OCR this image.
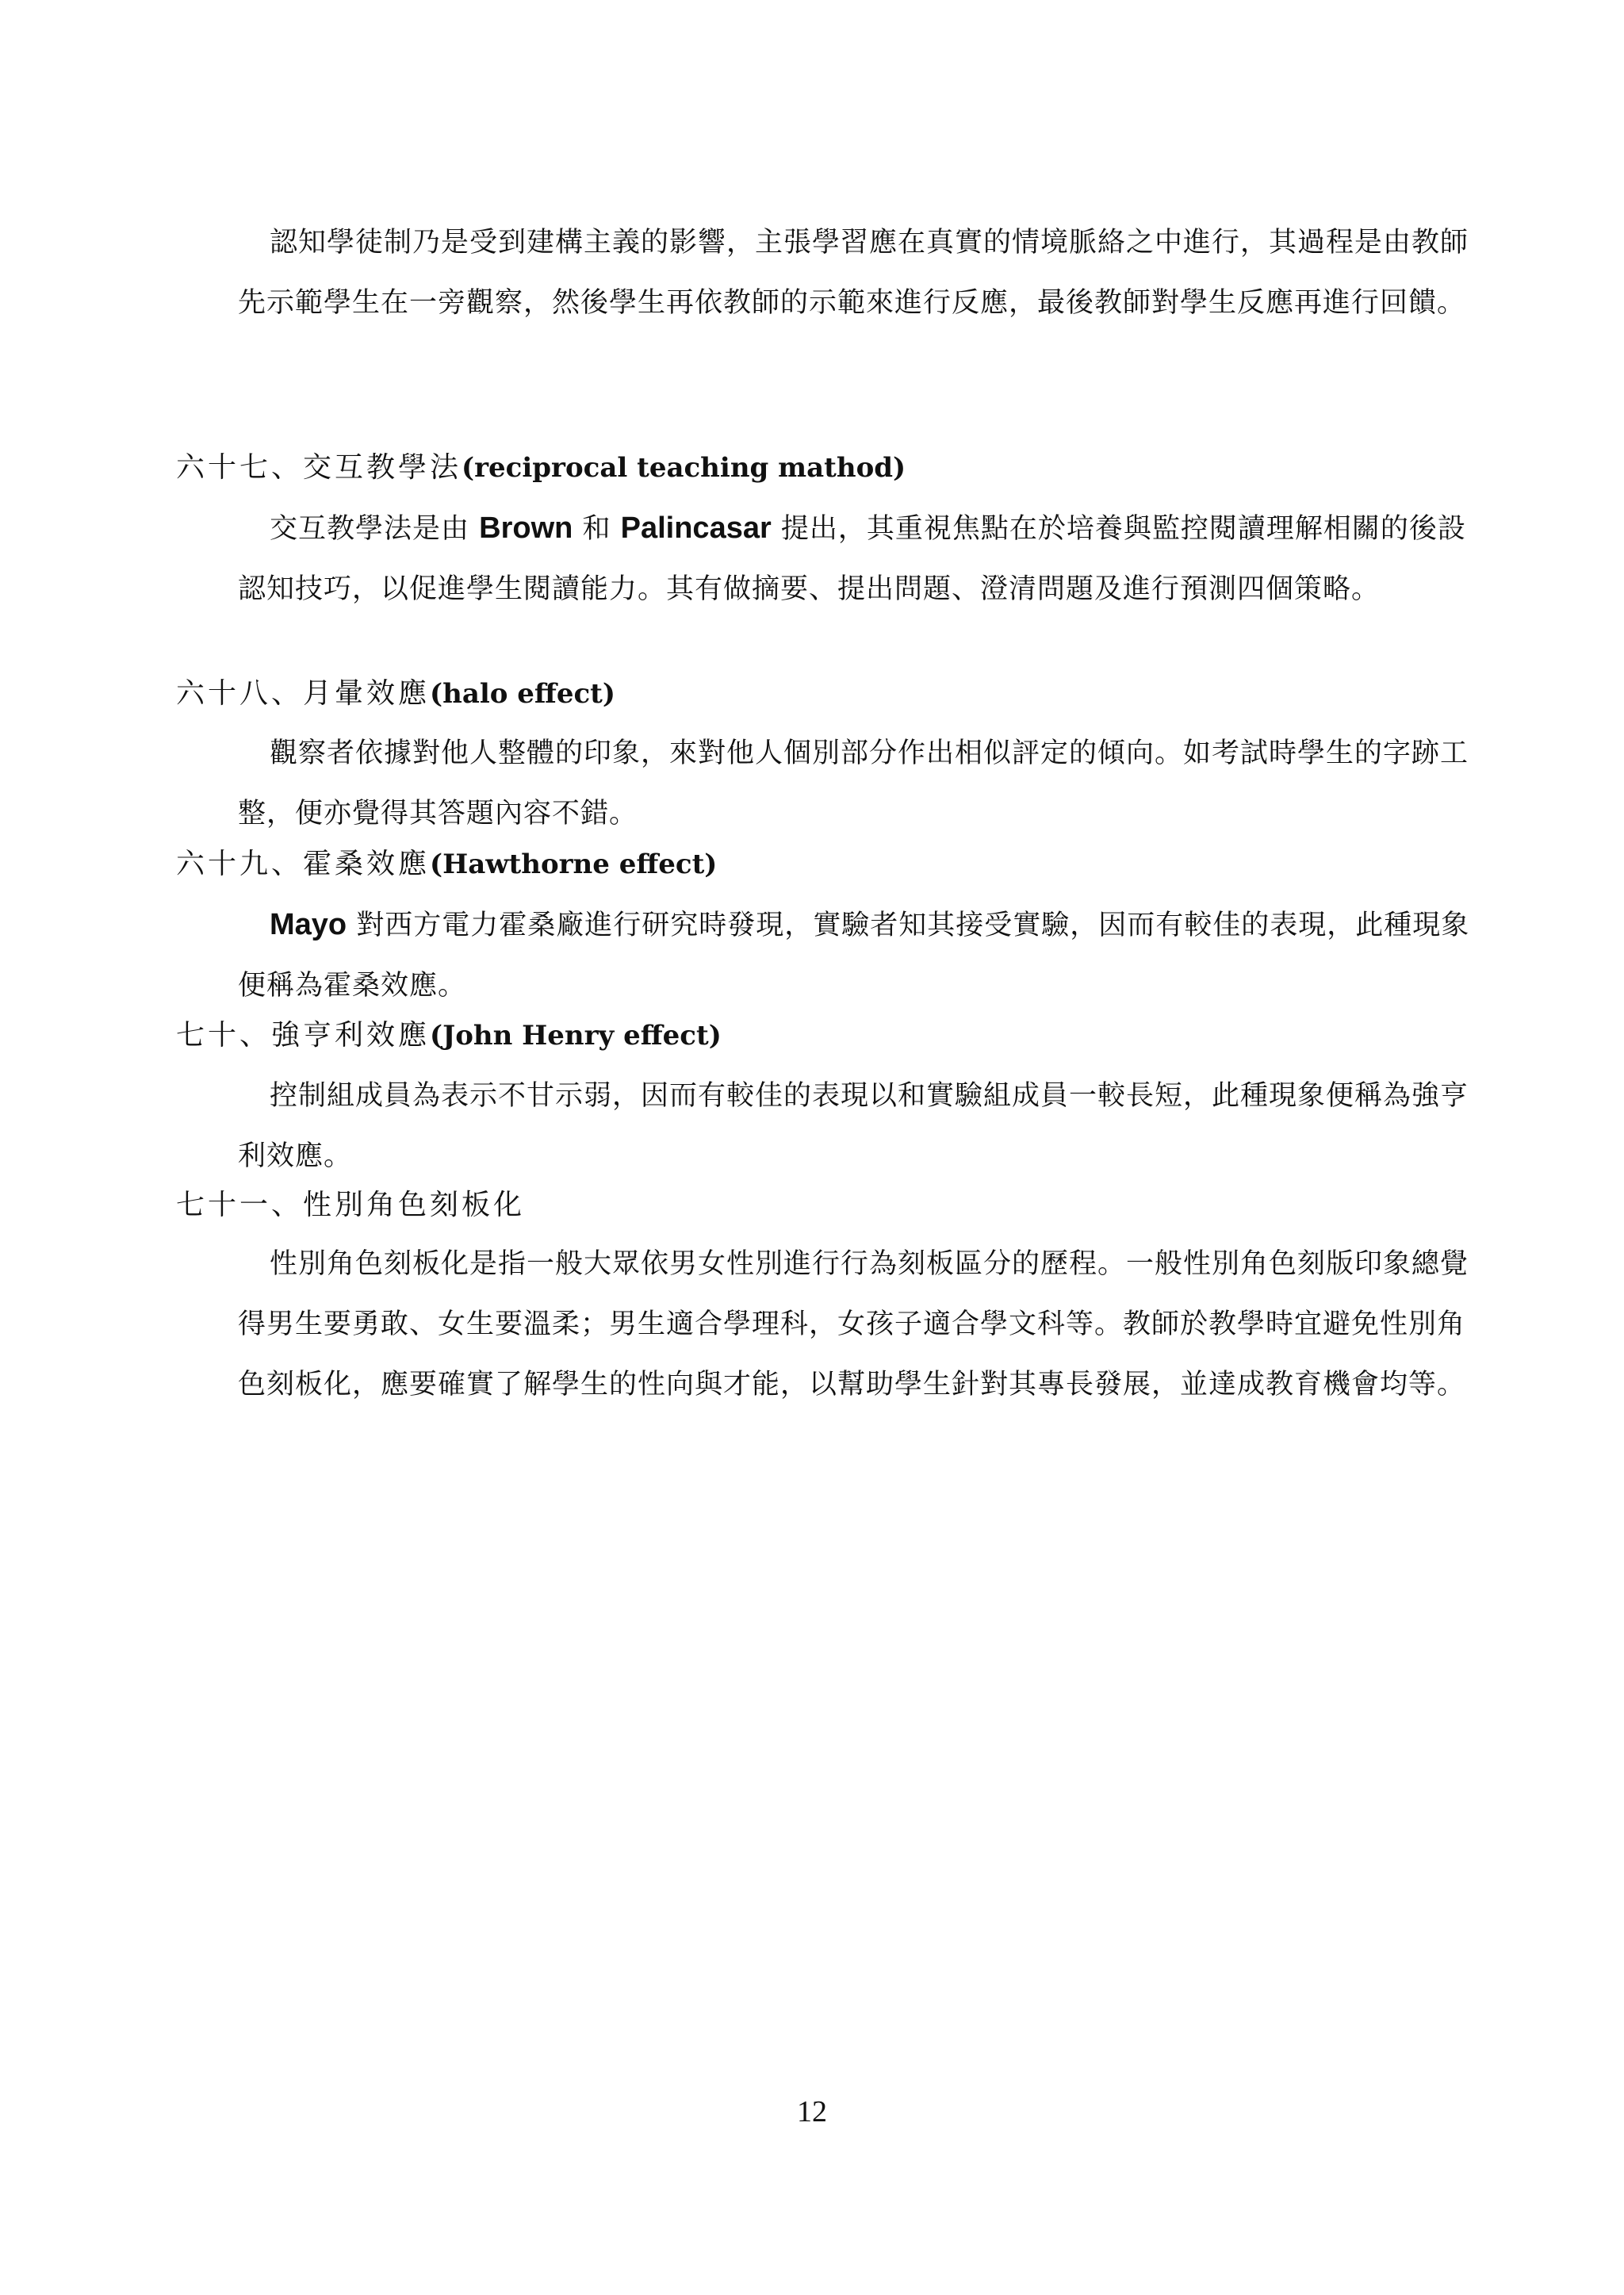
認知學徒制乃是受到建構主義的影響，主張學習應在真實的情境脈絡之中進行，其過程是由教師先示範學生在一旁觀察，然後學生再依教師的示範來進行反應，最後教師對學生反應再進行回饋。

六十七、交互教學法(reciprocal teaching mathod)

交互教學法是由 Brown 和 Palincasar 提出，其重視焦點在於培養與監控閱讀理解相關的後設認知技巧，以促進學生閱讀能力。其有做摘要、提出問題、澄清問題及進行預測四個策略。

六十八、月暈效應(halo effect)

觀察者依據對他人整體的印象，來對他人個別部分作出相似評定的傾向。如考試時學生的字跡工整，便亦覺得其答題內容不錯。

六十九、霍桑效應(Hawthorne effect)

Mayo 對西方電力霍桑廠進行研究時發現，實驗者知其接受實驗，因而有較佳的表現，此種現象便稱為霍桑效應。

七十、強亨利效應(John Henry effect)

控制組成員為表示不甘示弱，因而有較佳的表現以和實驗組成員一較長短，此種現象便稱為強亨利效應。

七十一、性別角色刻板化

性別角色刻板化是指一般大眾依男女性別進行行為刻板區分的歷程。一般性別角色刻版印象總覺得男生要勇敢、女生要溫柔；男生適合學理科，女孩子適合學文科等。教師於教學時宜避免性別角色刻板化，應要確實了解學生的性向與才能，以幫助學生針對其專長發展，並達成教育機會均等。

12
